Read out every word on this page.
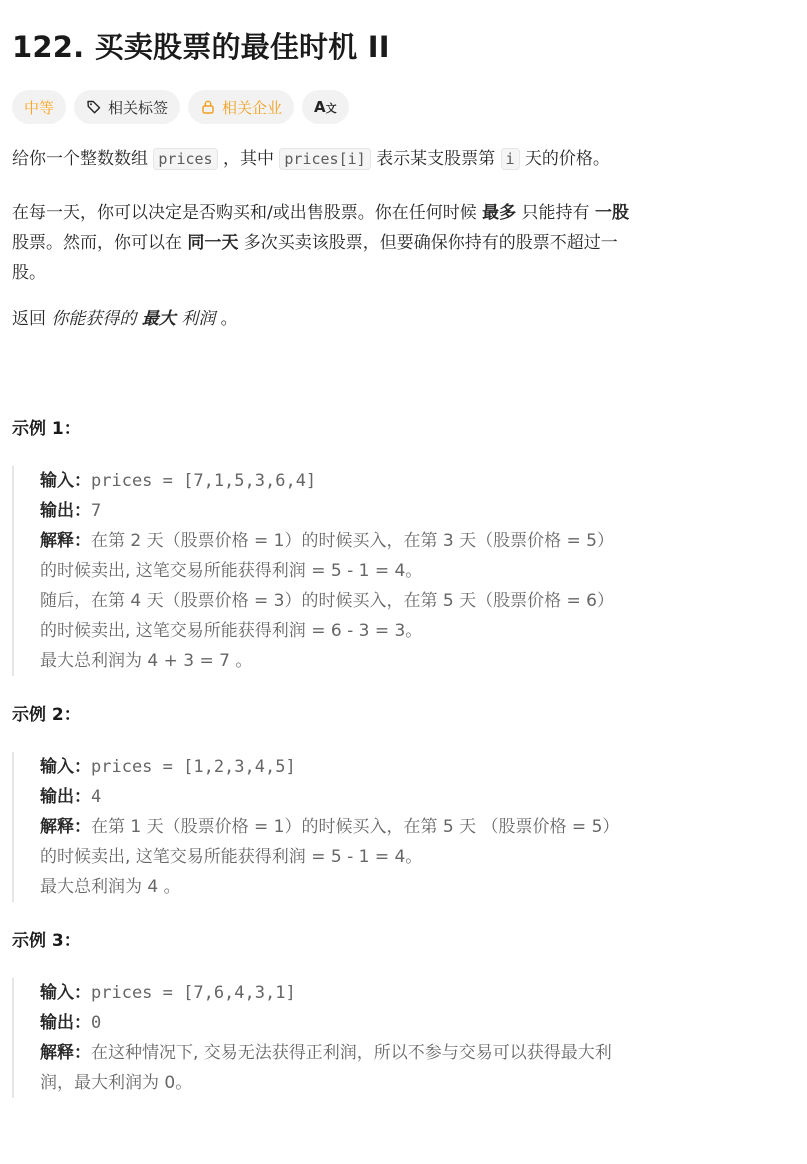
122. 买卖股票的最佳时机 II
中等	相关标签	相关企业 A文

给你一个整数数组 prices ，其中 prices[i] 表示某支股票第 i 天的价格。

在每一天，你可以决定是否购买和/或出售股票。你在任何时候 最多 只能持有 一股
股票。然而，你可以在 同一天 多次买卖该股票，但要确保你持有的股票不超过一
股。

返回 你能获得的 最大 利润 。

示例 1：

输入：prices = [7,1,5,3,6,4]
输出：7
解释：在第 2 天（股票价格 = 1）的时候买入，在第 3 天（股票价格 = 5）
的时候卖出, 这笔交易所能获得利润 = 5 - 1 = 4。
随后，在第 4 天（股票价格 = 3）的时候买入，在第 5 天（股票价格 = 6）
的时候卖出, 这笔交易所能获得利润 = 6 - 3 = 3。
最大总利润为 4 + 3 = 7 。

示例 2：

输入：prices = [1,2,3,4,5]
输出：4
解释：在第 1 天（股票价格 = 1）的时候买入，在第 5 天 （股票价格 = 5）
的时候卖出, 这笔交易所能获得利润 = 5 - 1 = 4。
最大总利润为 4 。

示例 3：

输入：prices = [7,6,4,3,1]
输出：0
解释：在这种情况下, 交易无法获得正利润，所以不参与交易可以获得最大利
润，最大利润为 0。
